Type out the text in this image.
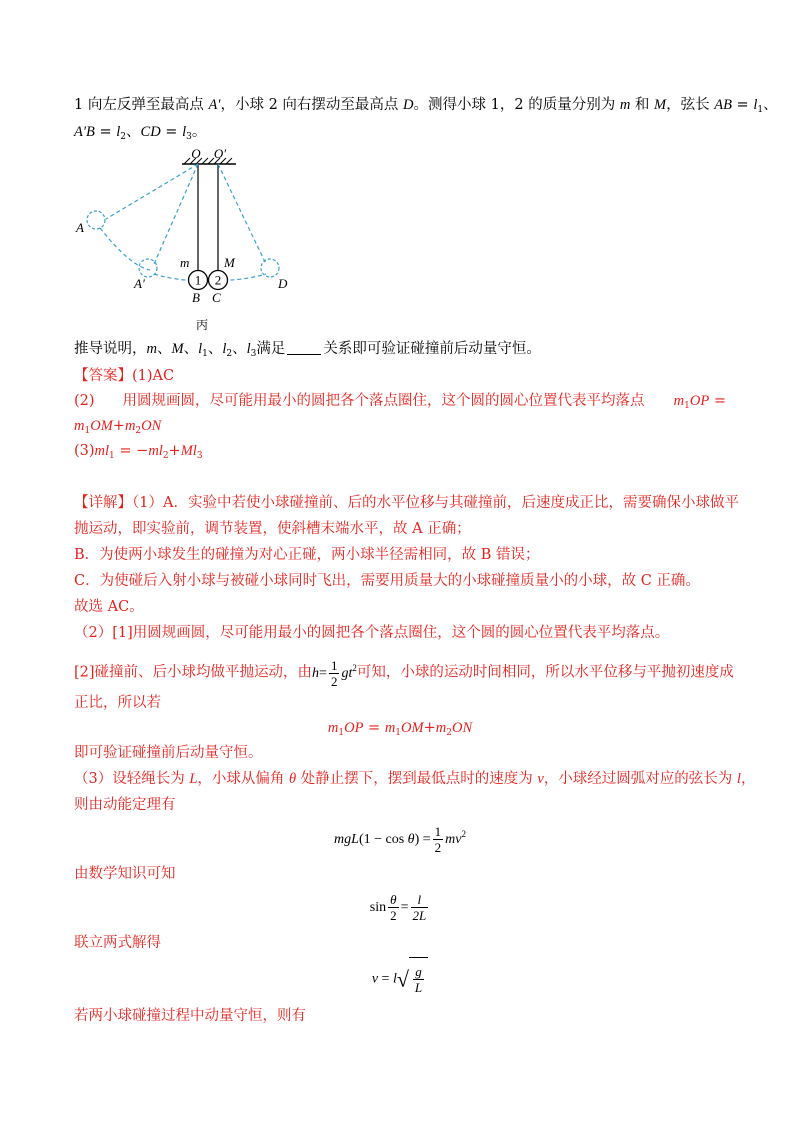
1 向左反弹至最高点 A′，小球 2 向右摆动至最高点 D。测得小球 1，2 的质量分别为 m 和 M，弦长 AB = $l_1$、
$A'B = l_2$、CD = $l_3$。
1 2
O O′
A
A′	D
B C
m	M
丙
推导说明，m、M、$l_1$、$l_2$、$l_3$满足	关系即可验证碰撞前后动量守恒。
【答案】(1)AC
(2) 用圆规画圆，尽可能用最小的圆把各个落点圈住，这个圆的圆心位置代表平均落点 $m_1OP$ =
$m_1OM+m_2ON$
$(3)ml_1 = -ml_2+Ml_3$
【详解】（1）A．实验中若使小球碰撞前、后的水平位移与其碰撞前，后速度成正比，需要确保小球做平
抛运动，即实验前，调节装置，使斜槽末端水平，故 A 正确；
B．为使两小球发生的碰撞为对心正碰，两小球半径需相同，故 B 错误；
C．为使碰后入射小球与被碰小球同时飞出，需要用质量大的小球碰撞质量小的小球，故 C 正确。
故选 AC。
（2）[1]用圆规画圆，尽可能用最小的圆把各个落点圈住，这个圆的圆心位置代表平均落点。
[2]碰撞前、后小球均做平抛运动，由$h= \frac{1}{2} gt^2$可知，小球的运动时间相同，所以水平位移与平抛初速度成
正比，所以若
$m_1OP = m_1OM+m_2ON$
即可验证碰撞前后动量守恒。
（3）设轻绳长为 L，小球从偏角 θ 处静止摆下，摆到最低点时的速度为 v，小球经过圆弧对应的弦长为 l，
则由动能定理有
$mgL(1 - \cos \theta) = \frac{1}{2} mv^2$
由数学知识可知
$\sin \frac{\theta}{2} = \frac{l}{2L}$
联立两式解得
$v = l√ \frac{g}{L}$
若两小球碰撞过程中动量守恒，则有
